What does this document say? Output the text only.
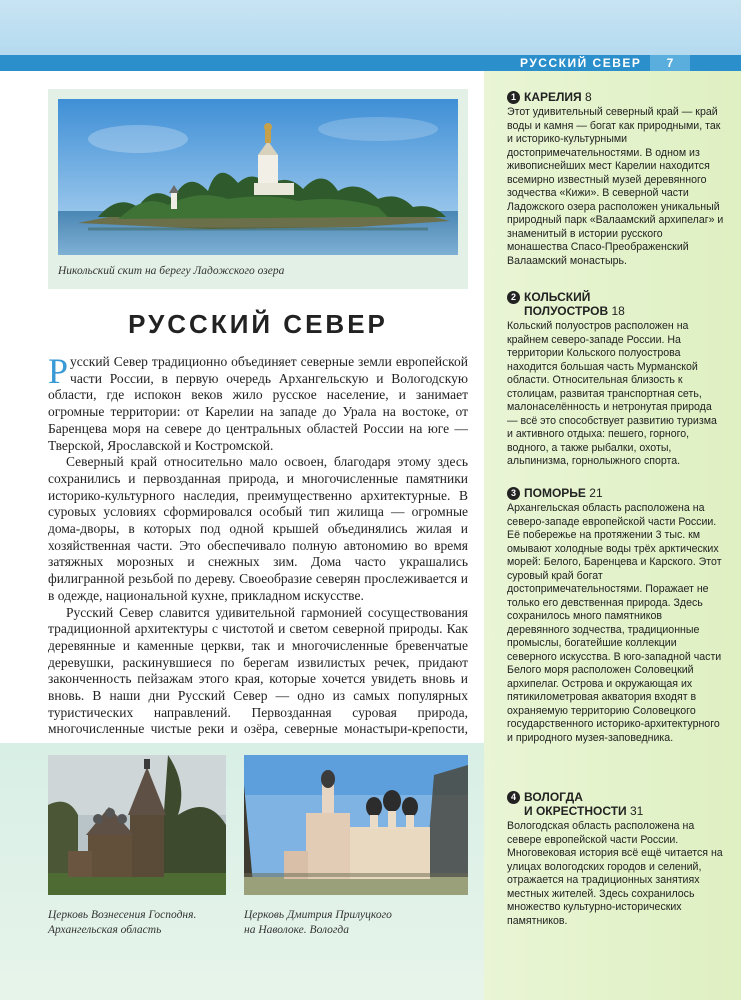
РУССКИЙ СЕВЕР	7
Никольский скит на берегу Ладожского озера
РУССКИЙ СЕВЕР

Русский Север традиционно объединяет северные земли европейской части России, в первую очередь Архангельскую и Вологодскую области, где испокон веков жило русское население, и занимает огромные территории: от Карелии на западе до Урала на востоке, от Баренцева моря на севере до центральных областей России на юге — Тверской, Ярославской и Костромской.

Северный край относительно мало освоен, благодаря этому здесь сохранились и первозданная природа, и многочисленные памятники историко-культурного наследия, преимущественно архитектурные. В суровых условиях сформировался особый тип жилища — огромные дома-дворы, в которых под одной крышей объединялись жилая и хозяйственная части. Это обеспечивало полную автономию во время затяжных морозных и снежных зим. Дома часто украшались филигранной резьбой по дереву. Своеобразие северян прослеживается и в одежде, национальной кухне, прикладном искусстве.

Русский Север славится удивительной гармонией сосуществования традиционной архитектуры с чистотой и светом северной природы. Как деревянные и каменные церкви, так и многочисленные бревенчатые деревушки, раскинувшиеся по берегам извилистых речек, придают законченность пейзажам этого края, которые хочется увидеть вновь и вновь. В наши дни Русский Север — одно из самых популярных туристических направлений. Первозданная суровая природа, многочисленные чистые реки и озёра, северные монастыри-крепости,

Церковь Вознесения Господня.
Архангельская область
Церковь Дмитрия Прилуцкого
на Наволоке. Вологда
1 КАРЕЛИЯ 8
Этот удивительный северный край — край воды и камня — богат как природными, так и историко-культурными достопримечательностями. В одном из живописнейших мест Карелии находится всемирно известный музей деревянного зодчества «Кижи». В северной части Ладожского озера расположен уникальный природный парк «Валаамский архипелаг» и знаменитый в истории русского монашества Спасо-Преображенский Валаамский монастырь.
2 КОЛЬСКИЙ
ПОЛУОСТРОВ 18
Кольский полуостров расположен на крайнем северо-западе России. На территории Кольского полуострова находится большая часть Мурманской области. Относительная близость к столицам, развитая транспортная сеть, малонаселённость и нетронутая природа — всё это способствует развитию туризма и активного отдыха: пешего, горного, водного, а также рыбалки, охоты, альпинизма, горнолыжного спорта.
3 ПОМОРЬЕ 21
Архангельская область расположена на северо-западе европейской части России. Её побережье на протяжении 3 тыс. км омывают холодные воды трёх арктических морей: Белого, Баренцева и Карского. Этот суровый край богат достопримечательностями. Поражает не только его девственная природа. Здесь сохранилось много памятников деревянного зодчества, традиционные промыслы, богатейшие коллекции северного искусства. В юго-западной части Белого моря расположен Соловецкий архипелаг. Острова и окружающая их пятикилометровая акватория входят в охраняемую территорию Соловецкого государственного историко-архитектурного и природного музея-заповедника.
4 ВОЛОГДА
И ОКРЕСТНОСТИ 31
Вологодская область расположена на севере европейской части России. Многовековая история всё ещё читается на улицах вологодских городов и селений, отражается на традиционных занятиях местных жителей. Здесь сохранилось множество культурно-исторических памятников.
